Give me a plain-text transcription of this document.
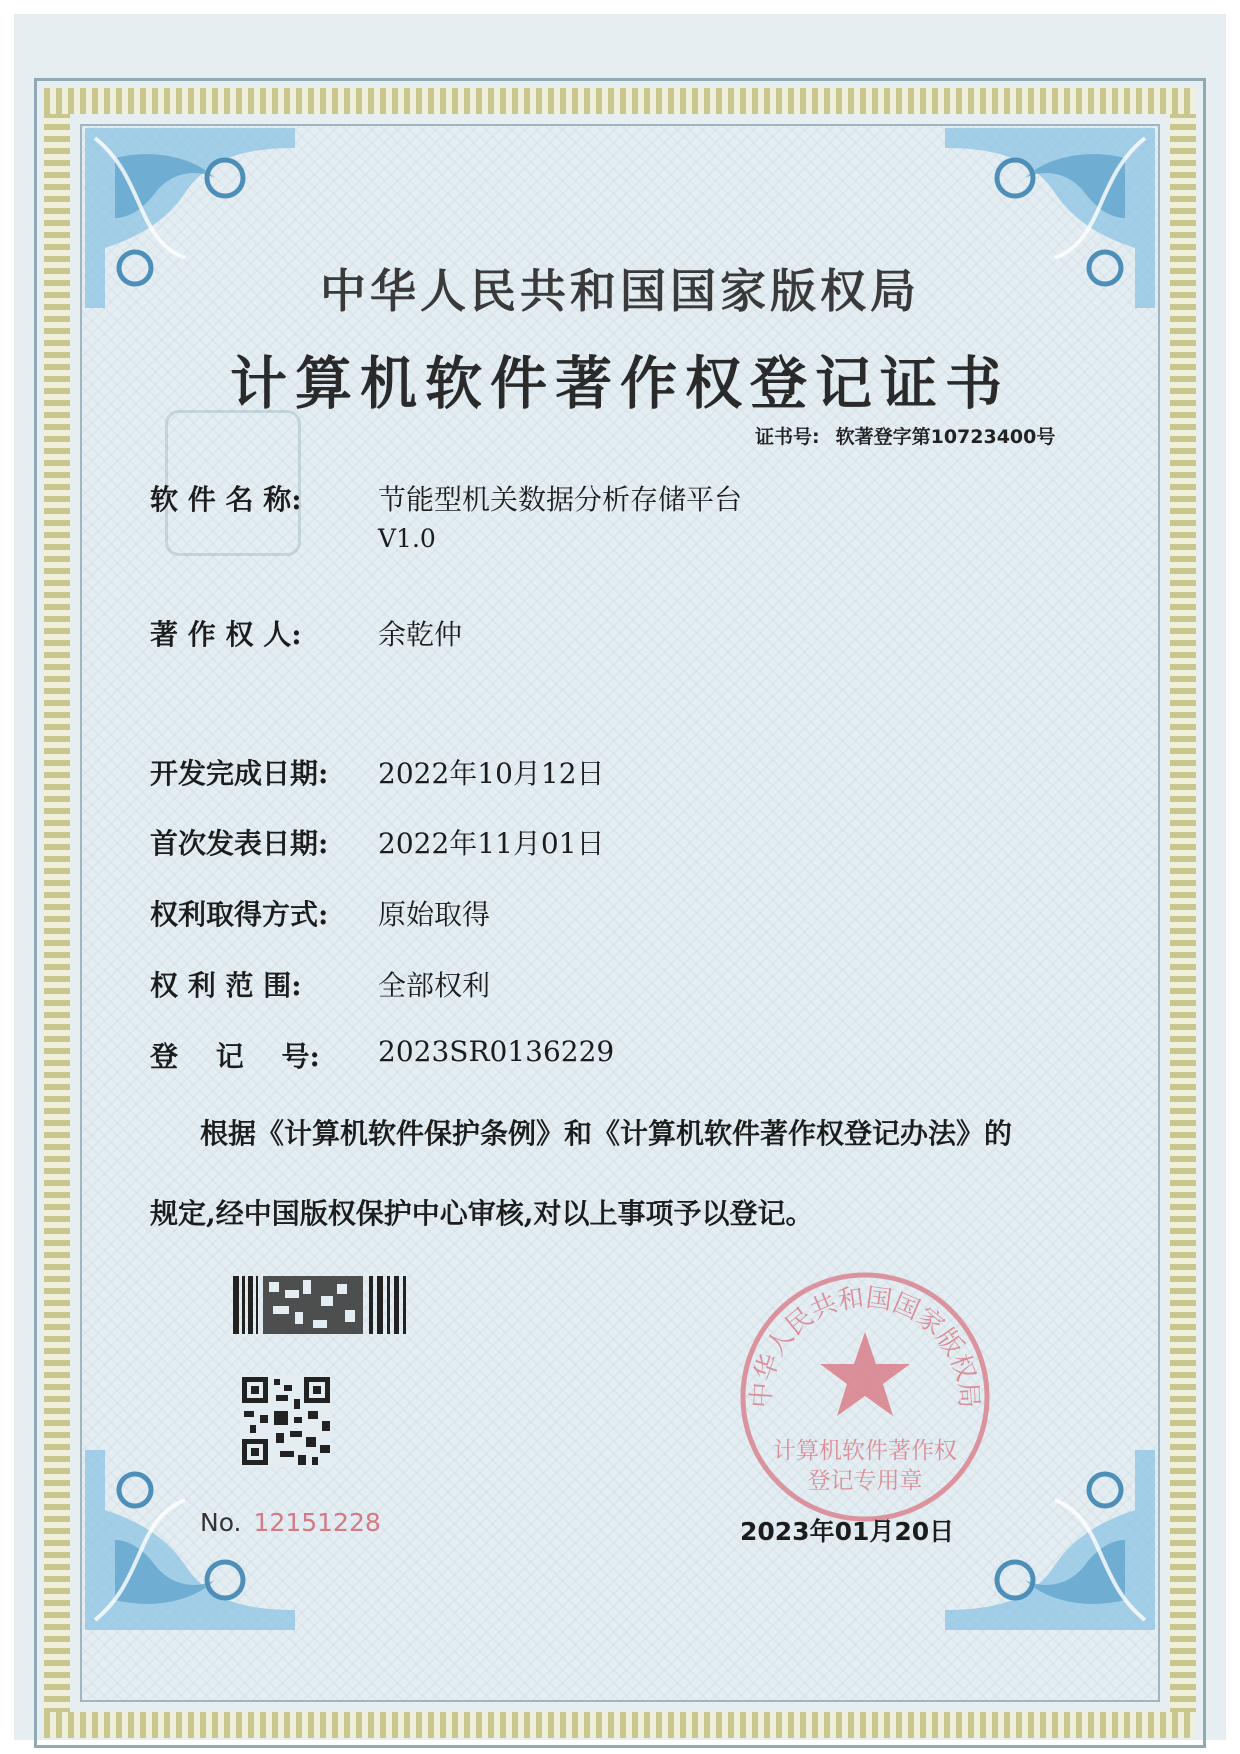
中华人民共和国国家版权局
计算机软件著作权登记证书
证书号: 软著登字第10723400号
软 件 名 称:	节能型机关数据分析存储平台
V1.0
著 作 权 人:	余乾仲
开发完成日期: 2022年10月12日
首次发表日期: 2022年11月01日
权利取得方式: 原始取得
权 利 范 围:	全部权利
登　 记　 号: 2023SR0136229
根据《计算机软件保护条例》和《计算机软件著作权登记办法》的
规定,经中国版权保护中心审核,对以上事项予以登记。
No. 12151228
中华人民共和国国家版权局
计算机软件著作权
登记专用章
2023年01月20日
